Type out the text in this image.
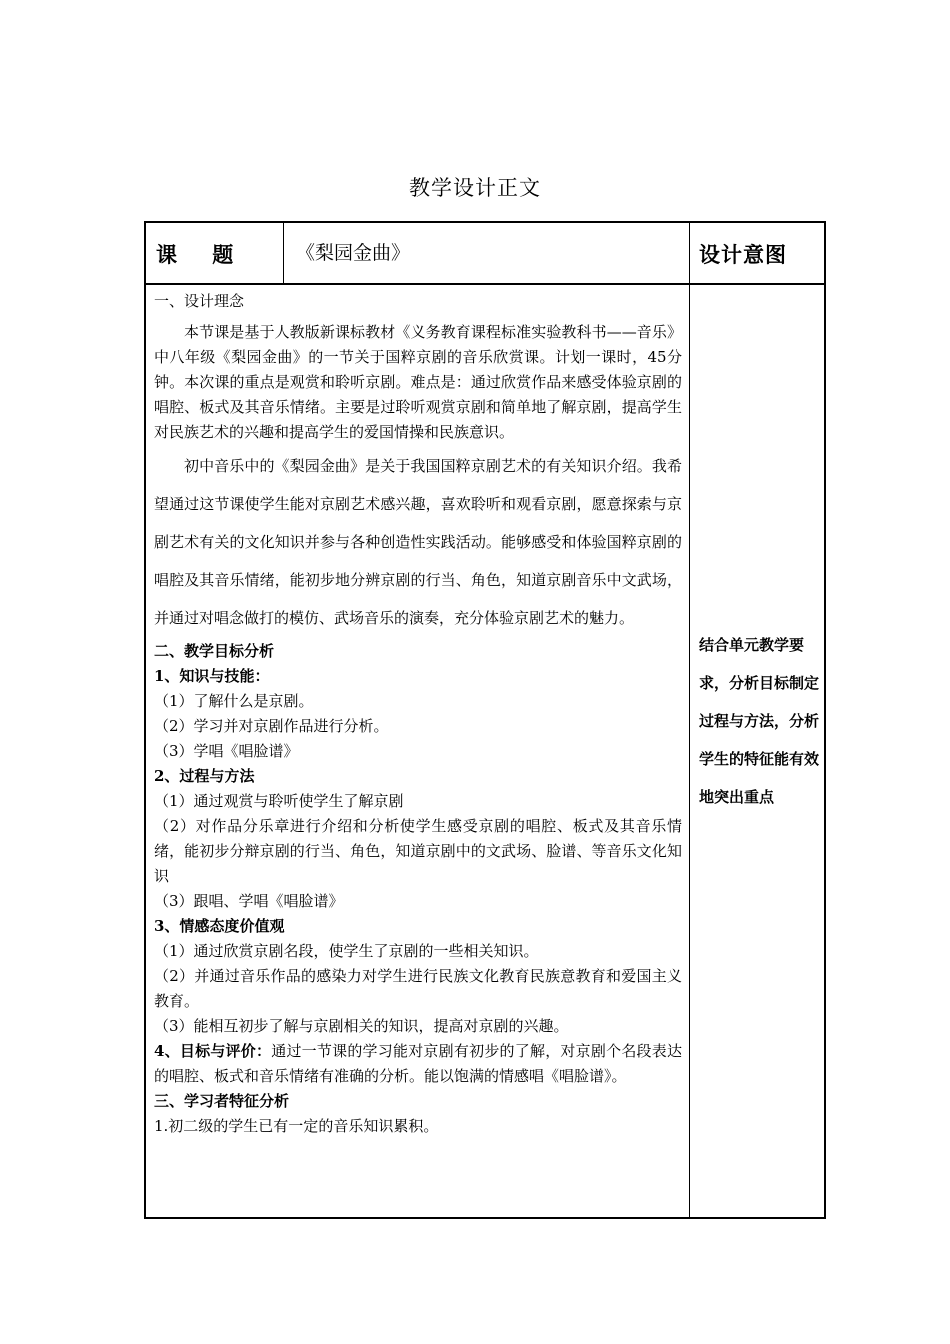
教学设计正文
课 题	《梨园金曲》	设计意图

一、设计理念

本节课是基于人教版新课标教材《义务教育课程标准实验教科书——音乐》中八年级《梨园金曲》的一节关于国粹京剧的音乐欣赏课。计划一课时，45分钟。本次课的重点是观赏和聆听京剧。难点是：通过欣赏作品来感受体验京剧的唱腔、板式及其音乐情绪。主要是过聆听观赏京剧和简单地了解京剧，提高学生对民族艺术的兴趣和提高学生的爱国情操和民族意识。

初中音乐中的《梨园金曲》是关于我国国粹京剧艺术的有关知识介绍。我希望通过这节课使学生能对京剧艺术感兴趣，喜欢聆听和观看京剧，愿意探索与京剧艺术有关的文化知识并参与各种创造性实践活动。能够感受和体验国粹京剧的唱腔及其音乐情绪，能初步地分辨京剧的行当、角色，知道京剧音乐中文武场，并通过对唱念做打的模仿、武场音乐的演奏，充分体验京剧艺术的魅力。

二、教学目标分析

1、知识与技能：

（1）了解什么是京剧。

（2）学习并对京剧作品进行分析。

（3）学唱《唱脸谱》

2、过程与方法

（1）通过观赏与聆听使学生了解京剧

（2）对作品分乐章进行介绍和分析使学生感受京剧的唱腔、板式及其音乐情绪，能初步分辩京剧的行当、角色，知道京剧中的文武场、脸谱、等音乐文化知识

（3）跟唱、学唱《唱脸谱》

3、情感态度价值观

（1）通过欣赏京剧名段，使学生了京剧的一些相关知识。

（2）并通过音乐作品的感染力对学生进行民族文化教育民族意教育和爱国主义教育。

（3）能相互初步了解与京剧相关的知识，提高对京剧的兴趣。

4、目标与评价：通过一节课的学习能对京剧有初步的了解，对京剧个名段表达的唱腔、板式和音乐情绪有准确的分析。能以饱满的情感唱《唱脸谱》。

三、学习者特征分析

1.初二级的学生已有一定的音乐知识累积。

结合单元教学要求，分析目标制定过程与方法，分析学生的特征能有效地突出重点
